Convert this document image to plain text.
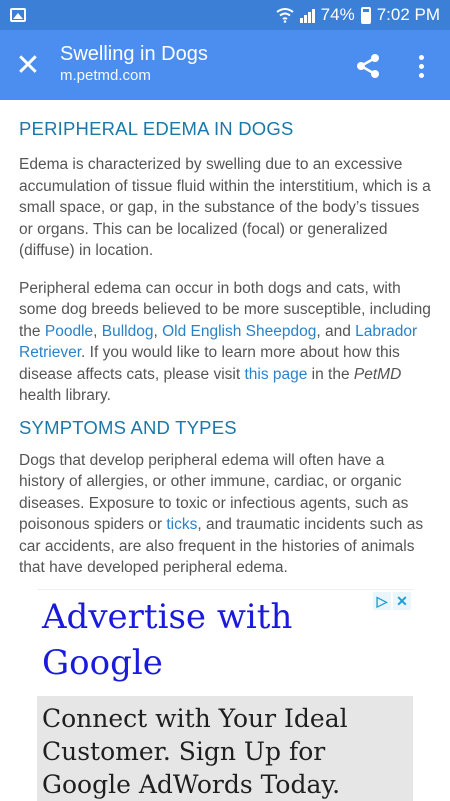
74% 7:02 PM
✕ Swelling in Dogs
m.petmd.com
PERIPHERAL EDEMA IN DOGS

Edema is characterized by swelling due to an excessive accumulation of tissue fluid within the interstitium, which is a small space, or gap, in the substance of the body’s tissues or organs. This can be localized (focal) or generalized (diffuse) in location.

Peripheral edema can occur in both dogs and cats, with some dog breeds believed to be more susceptible, including the Poodle, Bulldog, Old English Sheepdog, and Labrador Retriever. If you would like to learn more about how this disease affects cats, please visit this page in the PetMD health library.

SYMPTOMS AND TYPES

Dogs that develop peripheral edema will often have a history of allergies, or other immune, cardiac, or organic diseases. Exposure to toxic or infectious agents, such as poisonous spiders or ticks, and traumatic incidents such as car accidents, are also frequent in the histories of animals that have developed peripheral edema.

Advertise with Google
▷ ✕
Connect with Your Ideal Customer. Sign Up for Google AdWords Today.
